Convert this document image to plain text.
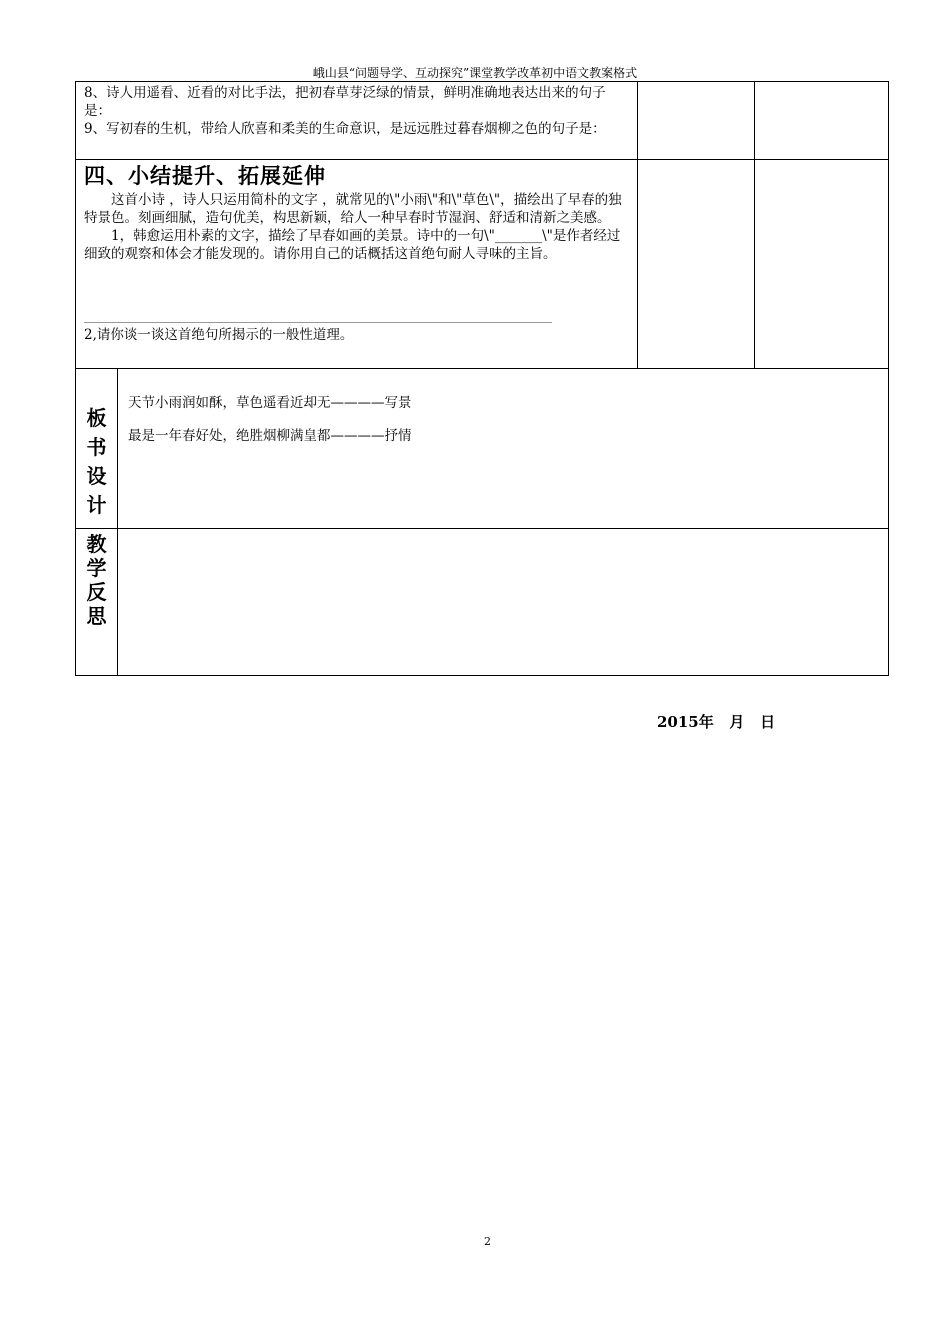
峨山县“问题导学、互动探究”课堂教学改革初中语文教案格式

8、诗人用遥看、近看的对比手法，把初春草芽泛绿的情景，鲜明准确地表达出来的句子是：

9、写初春的生机，带给人欣喜和柔美的生命意识，是远远胜过暮春烟柳之色的句子是：

四、小结提升、拓展延伸

这首小诗 ，诗人只运用简朴的文字 ，就常见的\"小雨\"和\"草色\"，描绘出了早春的独特景色。刻画细腻，造句优美，构思新颖，给人一种早春时节湿润、舒适和清新之美感。

1，韩愈运用朴素的文字，描绘了早春如画的美景。诗中的一句\"_______\"是作者经过细致的观察和体会才能发现的。请你用自己的话概括这首绝句耐人寻味的主旨。

2,请你谈一谈这首绝句所揭示的一般性道理。
板
书
设
计
天节小雨润如酥，草色遥看近却无————写景
最是一年春好处，绝胜烟柳满皇都————抒情
教
学
反
思
2015年   月   日
2
